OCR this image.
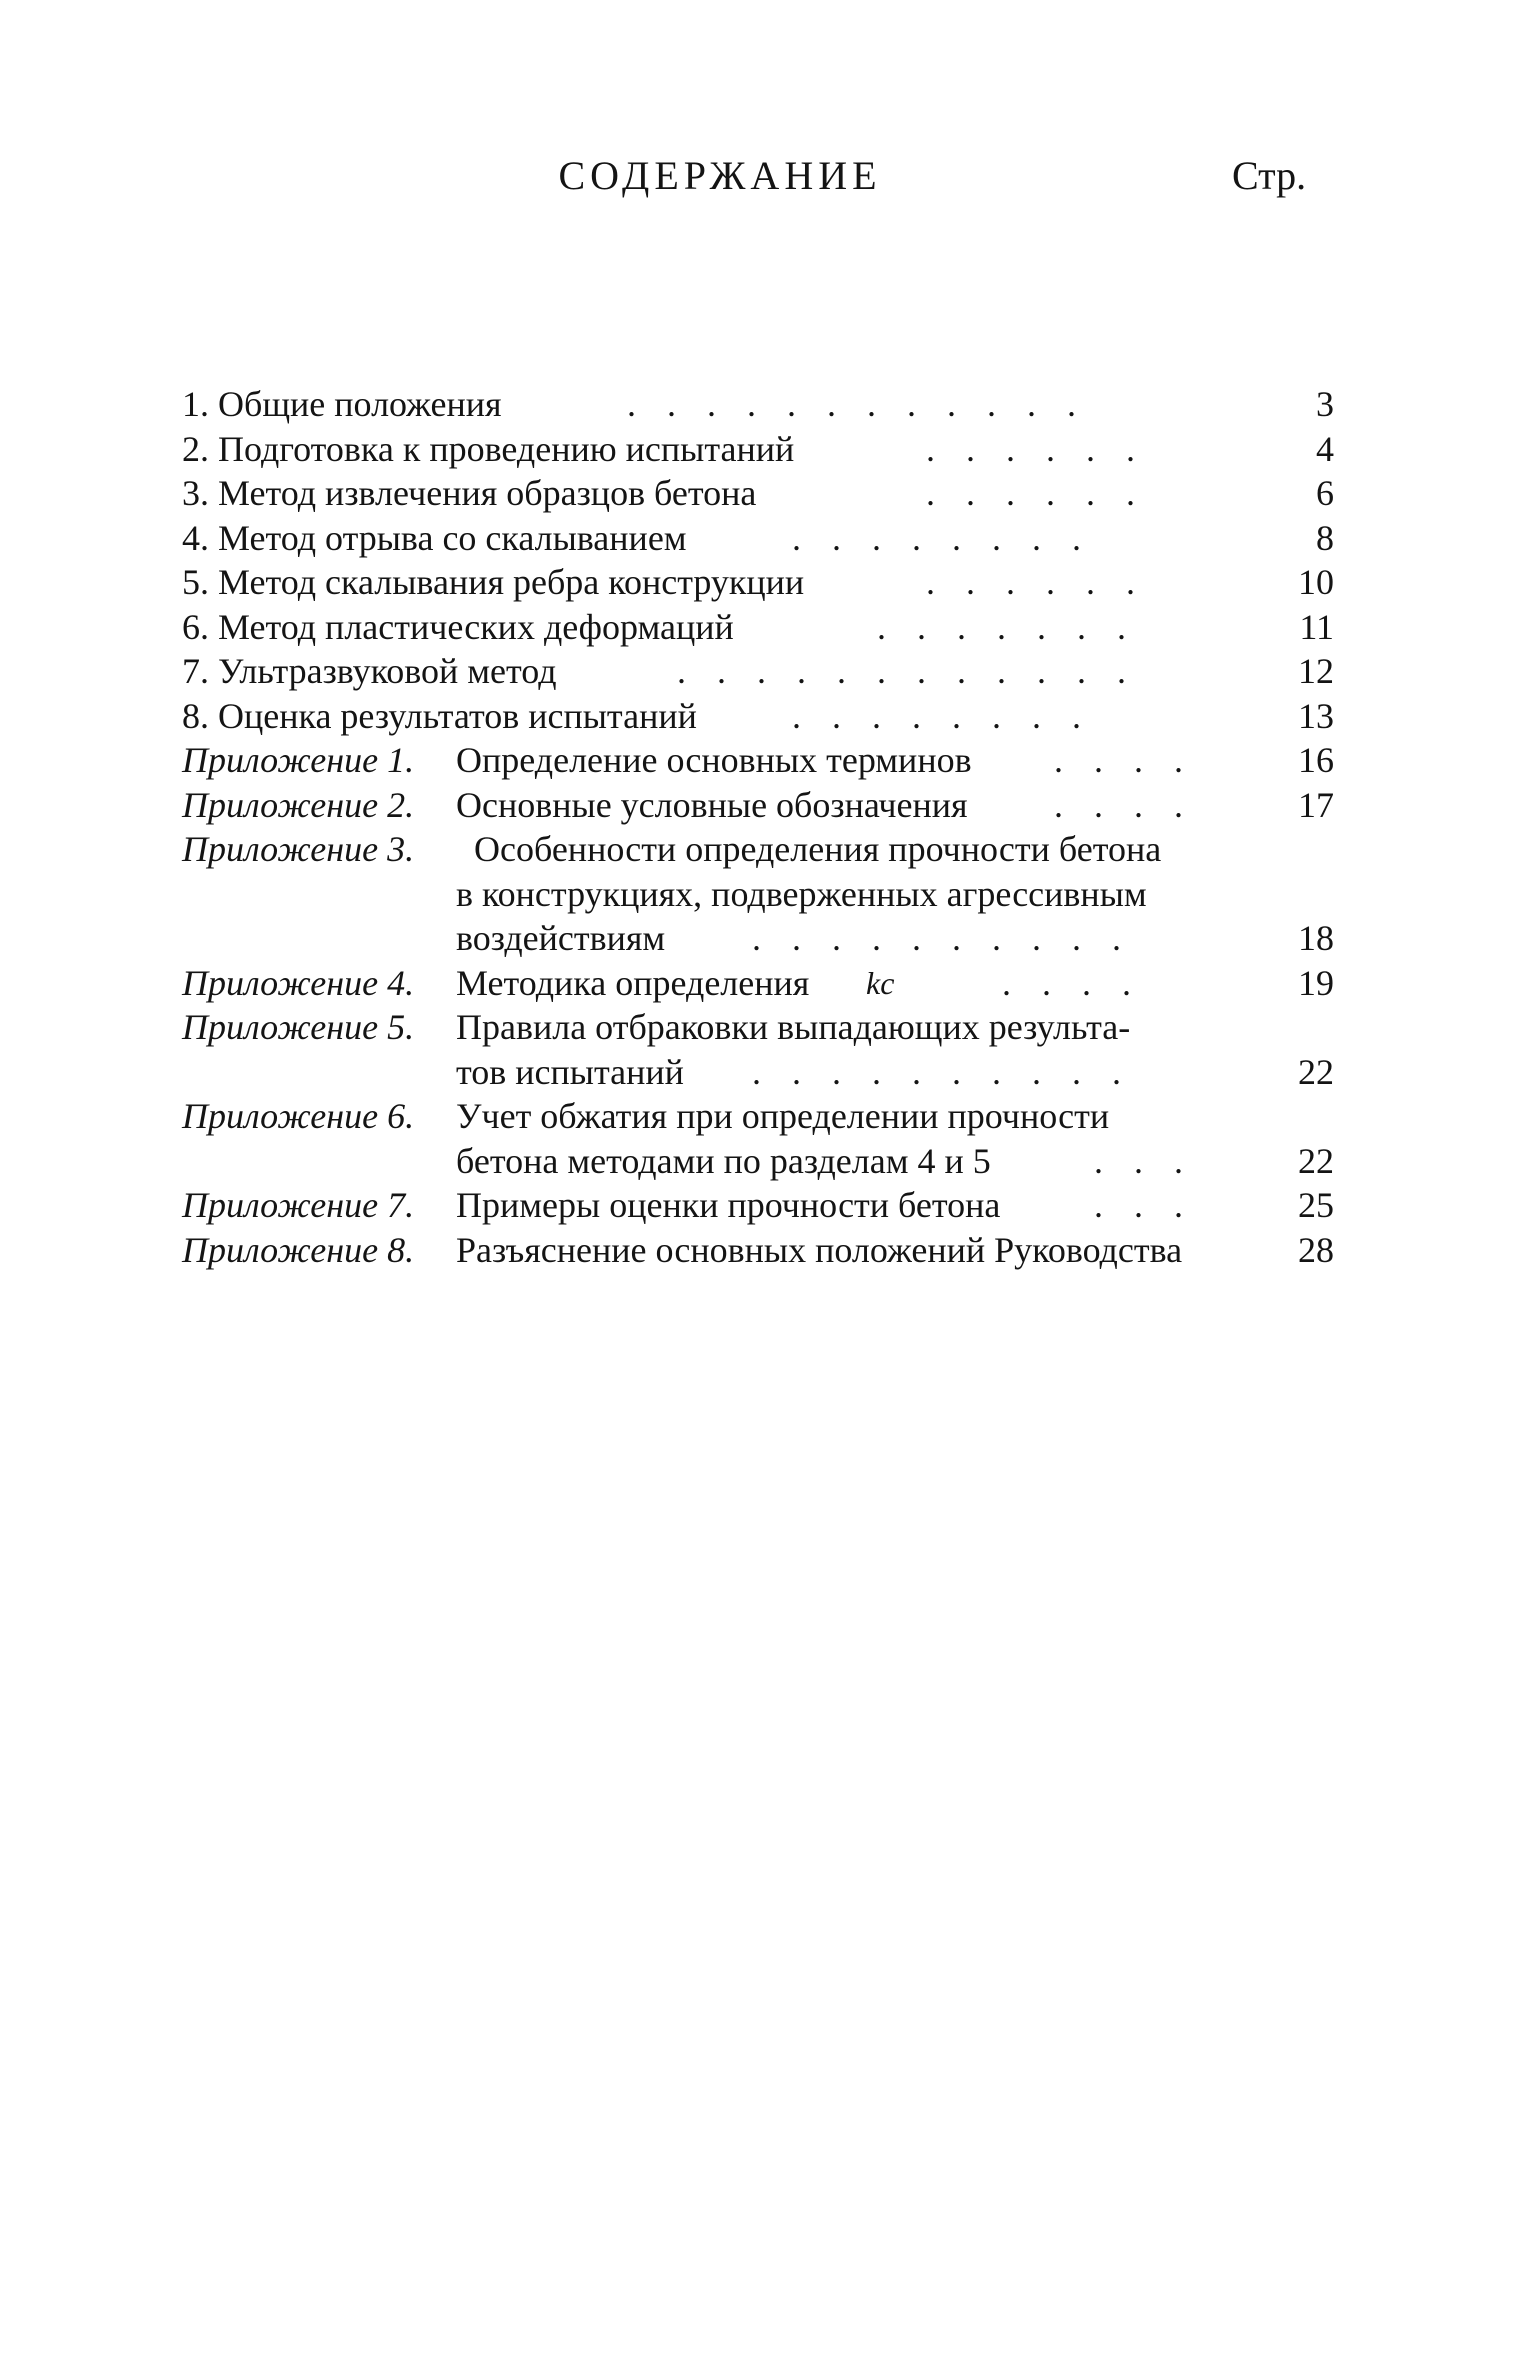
СОДЕРЖАНИЕ	Стр.
1. Общие положения	. . . . . . . . . . . .	3
2. Подготовка к проведению испытаний	. . . . . .	4
3. Метод извлечения образцов бетона	. . . . . .	6
4. Метод отрыва со скалыванием	. . . . . . . .	8
5. Метод скалывания ребра конструкции	. . . . . .	10
6. Метод пластических деформаций	. . . . . . .	11
7. Ультразвуковой метод	. . . . . . . . . . . .	12
8. Оценка результатов испытаний	. . . . . . . .	13
Приложение 1. Определение основных терминов . . . .	16
Приложение 2. Основные условные обозначения . . . .	17
Приложение 3. Особенности определения прочности бетона
в конструкциях, подверженных агрессивным
воздействиям . . . . . . . . . .	18
Приложение 4. Методика определения kс	. . . .	19
Приложение 5. Правила отбраковки выпадающих результа-
тов испытаний . . . . . . . . . .	22
Приложение 6. Учет обжатия при определении прочности
бетона методами по разделам 4 и 5	. . .	22
Приложение 7. Примеры оценки прочности бетона	. . .	25
Приложение 8. Разъяснение основных положений Руководства	28
